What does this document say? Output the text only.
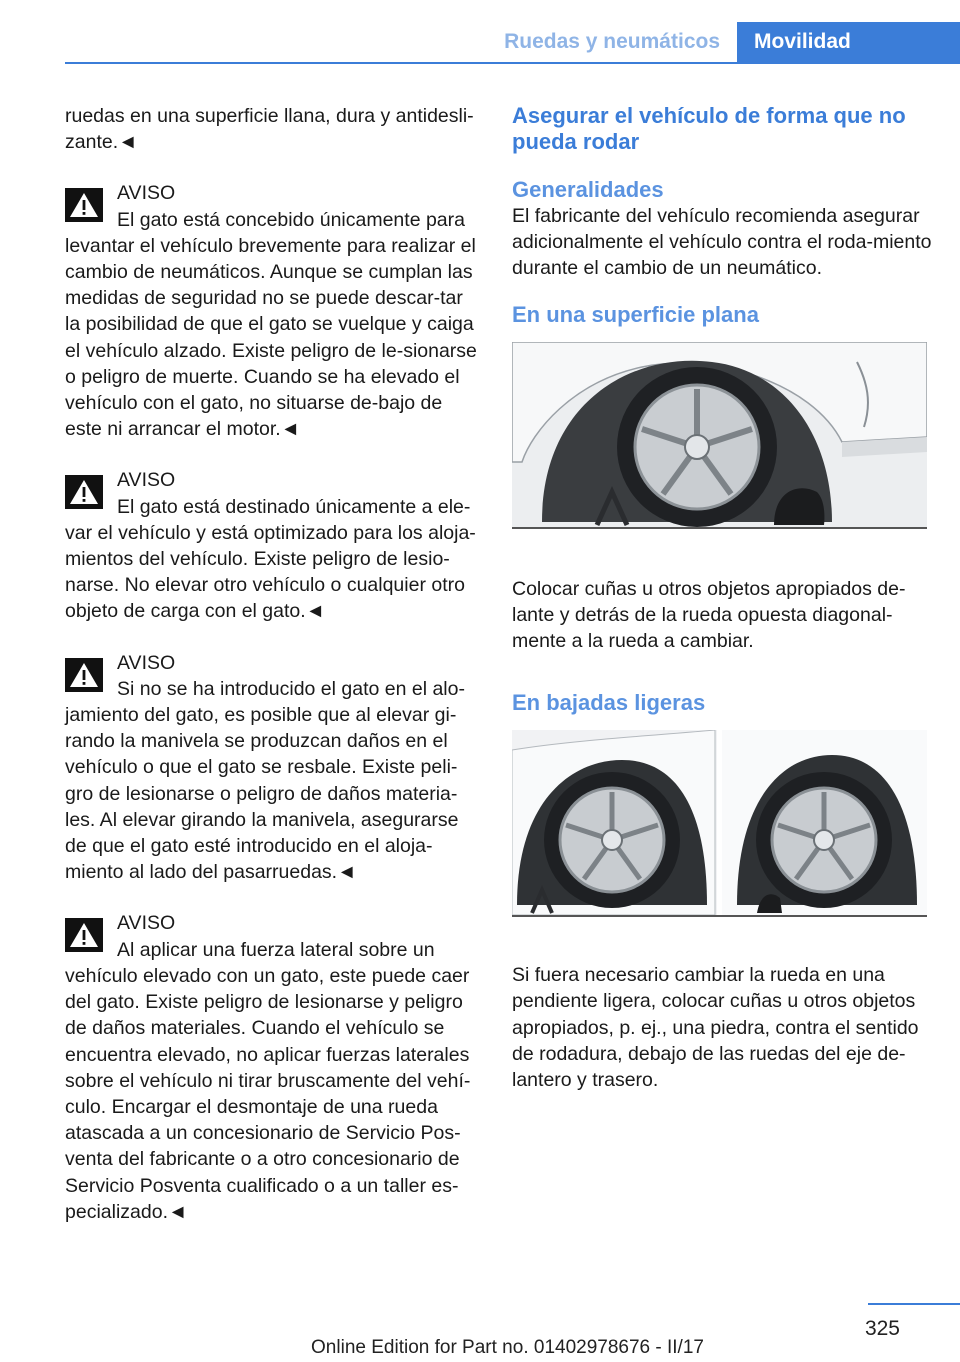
Ruedas y neumáticos Movilidad

ruedas en una superficie llana, dura y antidesli‐zante.◄

AVISO

El gato está concebido únicamente para

levantar el vehículo brevemente para realizar el cambio de neumáticos. Aunque se cumplan las medidas de seguridad no se puede descar‐tar la posibilidad de que el gato se vuelque y caiga el vehículo alzado. Existe peligro de le‐sionarse o peligro de muerte. Cuando se ha elevado el vehículo con el gato, no situarse de‐bajo de este ni arrancar el motor.◄

AVISO

El gato está destinado únicamente a ele‐

var el vehículo y está optimizado para los aloja‐mientos del vehículo. Existe peligro de lesio‐narse. No elevar otro vehículo o cualquier otro objeto de carga con el gato.◄

AVISO

Si no se ha introducido el gato en el alo‐

jamiento del gato, es posible que al elevar gi‐rando la manivela se produzcan daños en el vehículo o que el gato se resbale. Existe peli‐gro de lesionarse o peligro de daños materia‐les. Al elevar girando la manivela, asegurarse de que el gato esté introducido en el aloja‐miento al lado del pasarruedas.◄

AVISO

Al aplicar una fuerza lateral sobre un

vehículo elevado con un gato, este puede caer del gato. Existe peligro de lesionarse y peligro de daños materiales. Cuando el vehículo se encuentra elevado, no aplicar fuerzas laterales sobre el vehículo ni tirar bruscamente del vehí‐culo. Encargar el desmontaje de una rueda atascada a un concesionario de Servicio Pos‐venta del fabricante o a otro concesionario de Servicio Posventa cualificado o a un taller es‐pecializado.◄

Asegurar el vehículo de forma que no pueda rodar
Generalidades

El fabricante del vehículo recomienda asegurar adicionalmente el vehículo contra el roda‐miento durante el cambio de un neumático.

En una superficie plana

Colocar cuñas u otros objetos apropiados de‐lante y detrás de la rueda opuesta diagonal‐mente a la rueda a cambiar.

En bajadas ligeras

Si fuera necesario cambiar la rueda en una pendiente ligera, colocar cuñas u otros objetos apropiados, p. ej., una piedra, contra el sentido de rodadura, debajo de las ruedas del eje de‐lantero y trasero.

325
Online Edition for Part no. 01402978676 - II/17
